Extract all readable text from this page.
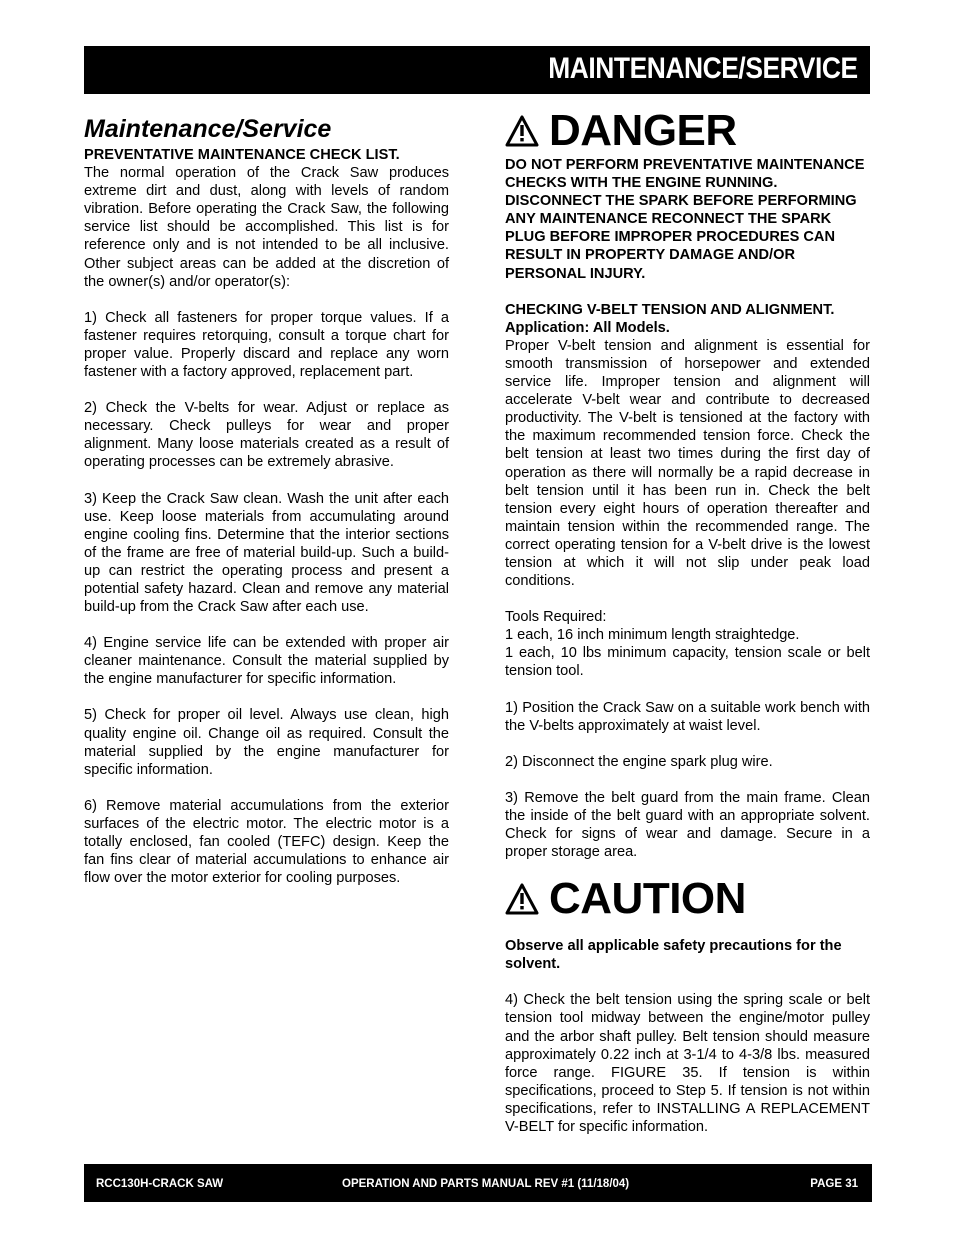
MAINTENANCE/SERVICE
Maintenance/Service
PREVENTATIVE MAINTENANCE CHECK LIST.

The normal operation of the Crack Saw produces extreme dirt and dust, along with levels of random vibration. Before operating the Crack Saw, the following service list should be accomplished. This list is for reference only and is not intended to be all inclusive. Other subject areas can be added at the discretion of the owner(s) and/or operator(s):

1) Check all fasteners for proper torque values. If a fastener requires retorquing, consult a torque chart for proper value. Properly discard and replace any worn fastener with a factory approved, replacement part.

2) Check the V-belts for wear. Adjust or replace as necessary. Check pulleys for wear and proper alignment. Many loose materials created as a result of operating processes can be extremely abrasive.

3) Keep the Crack Saw clean. Wash the unit after each use. Keep loose materials from accumulating around engine cooling fins. Determine that the interior sections of the frame are free of material build-up. Such a build-up can restrict the operating process and present a potential safety hazard. Clean and remove any material build-up from the Crack Saw after each use.

4) Engine service life can be extended with proper air cleaner maintenance. Consult the material supplied by the engine manufacturer for specific information.

5) Check for proper oil level. Always use clean, high quality engine oil. Change oil as required. Consult the material supplied by the engine manufacturer for specific information.

6) Remove material accumulations from the exterior surfaces of the electric motor. The electric motor is a totally enclosed, fan cooled (TEFC) design. Keep the fan fins clear of material accumulations to enhance air flow over the motor exterior for cooling purposes.

DANGER

DO NOT PERFORM PREVENTATIVE MAINTENANCE CHECKS WITH THE ENGINE RUNNING. DISCONNECT THE SPARK BEFORE PERFORMING ANY MAINTENANCE RECONNECT THE SPARK PLUG BEFORE IMPROPER PROCEDURES CAN RESULT IN PROPERTY DAMAGE AND/OR PERSONAL INJURY.

CHECKING V-BELT TENSION AND ALIGNMENT.
Application: All Models.

Proper V-belt tension and alignment is essential for smooth transmission of horsepower and extended service life. Improper tension and alignment will accelerate V-belt wear and contribute to decreased productivity. The V-belt is tensioned at the factory with the maximum recommended tension force. Check the belt tension at least two times during the first day of operation as there will normally be a rapid decrease in belt tension until it has been run in. Check the belt tension every eight hours of operation thereafter and maintain tension within the recommended range. The correct operating tension for a V-belt drive is the lowest tension at which it will not slip under peak load conditions.

Tools Required:
1 each, 16 inch minimum length straightedge.

1 each, 10 lbs minimum capacity, tension scale or belt tension tool.

1) Position the Crack Saw on a suitable work bench with the V-belts approximately at waist level.

2) Disconnect the engine spark plug wire.

3) Remove the belt guard from the main frame. Clean the inside of the belt guard with an appropriate solvent. Check for signs of wear and damage. Secure in a proper storage area.

CAUTION

Observe all applicable safety precautions for the solvent.

4) Check the belt tension using the spring scale or belt tension tool midway between the engine/motor pulley and the arbor shaft pulley. Belt tension should measure approximately 0.22 inch at 3-1/4 to 4-3/8 lbs. measured force range. FIGURE 35. If tension is within specifications, proceed to Step 5. If tension is not within specifications, refer to INSTALLING A REPLACEMENT V-BELT for specific information.

RCC130H-CRACK SAW	OPERATION AND PARTS MANUAL REV #1 (11/18/04)	PAGE 31
